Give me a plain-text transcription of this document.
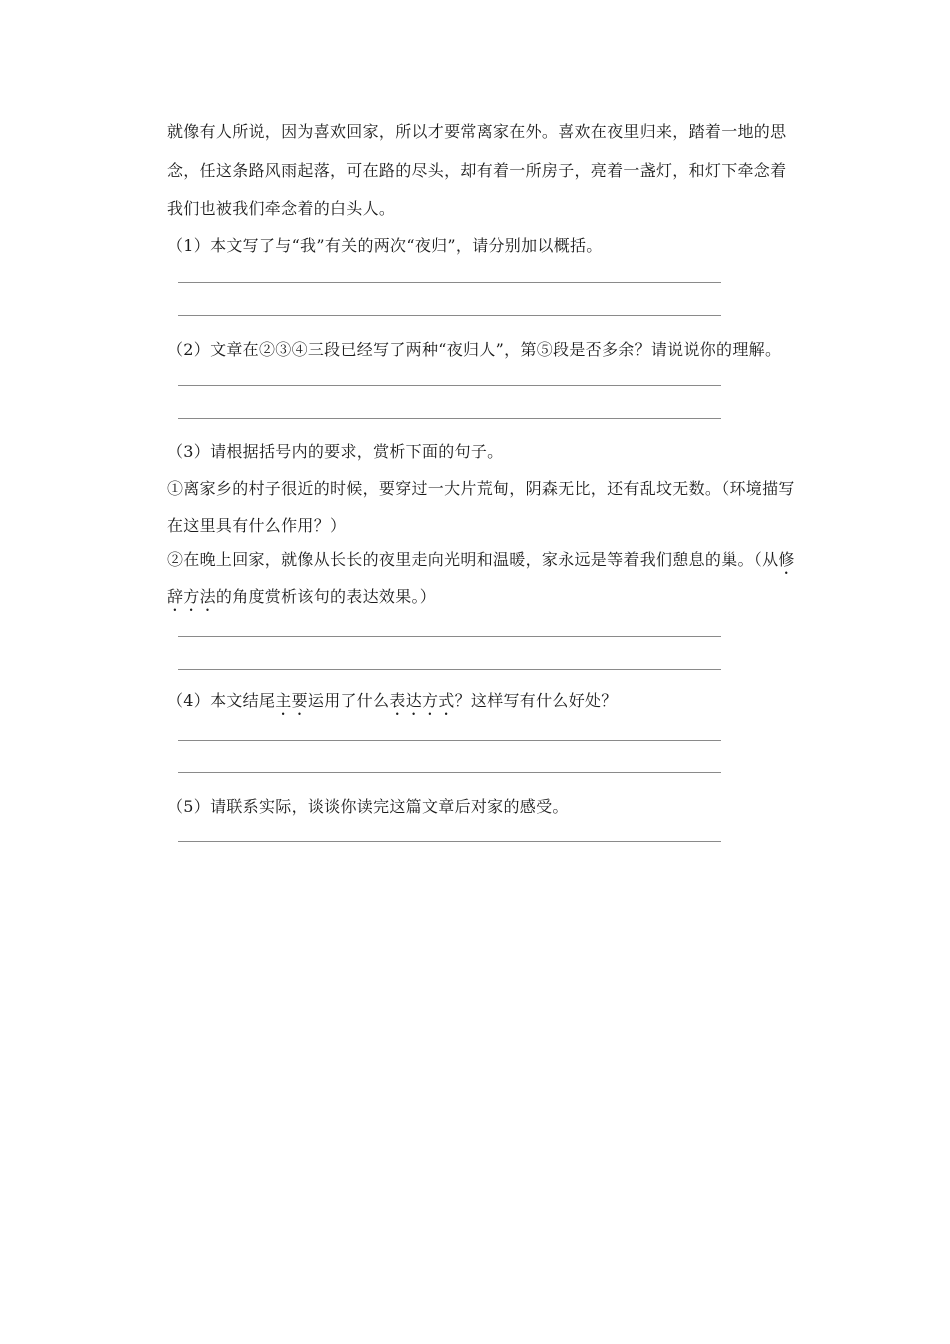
就像有人所说，因为喜欢回家，所以才要常离家在外。喜欢在夜里归来，踏着一地的思
念，任这条路风雨起落，可在路的尽头，却有着一所房子，亮着一盏灯，和灯下牵念着
我们也被我们牵念着的白头人。
（1）本文写了与“我”有关的两次“夜归”，请分别加以概括。
（2）文章在②③④三段已经写了两种“夜归人”，第⑤段是否多余？请说说你的理解。
（3）请根据括号内的要求，赏析下面的句子。
①离家乡的村子很近的时候，要穿过一大片荒甸，阴森无比，还有乱坟无数。（环境描写
在这里具有什么作用？）
②在晚上回家，就像从长长的夜里走向光明和温暖，家永远是等着我们憩息的巢。（从修
辞方法的角度赏析该句的表达效果。）
（4）本文结尾主要运用了什么表达方式？这样写有什么好处？
（5）请联系实际，谈谈你读完这篇文章后对家的感受。
